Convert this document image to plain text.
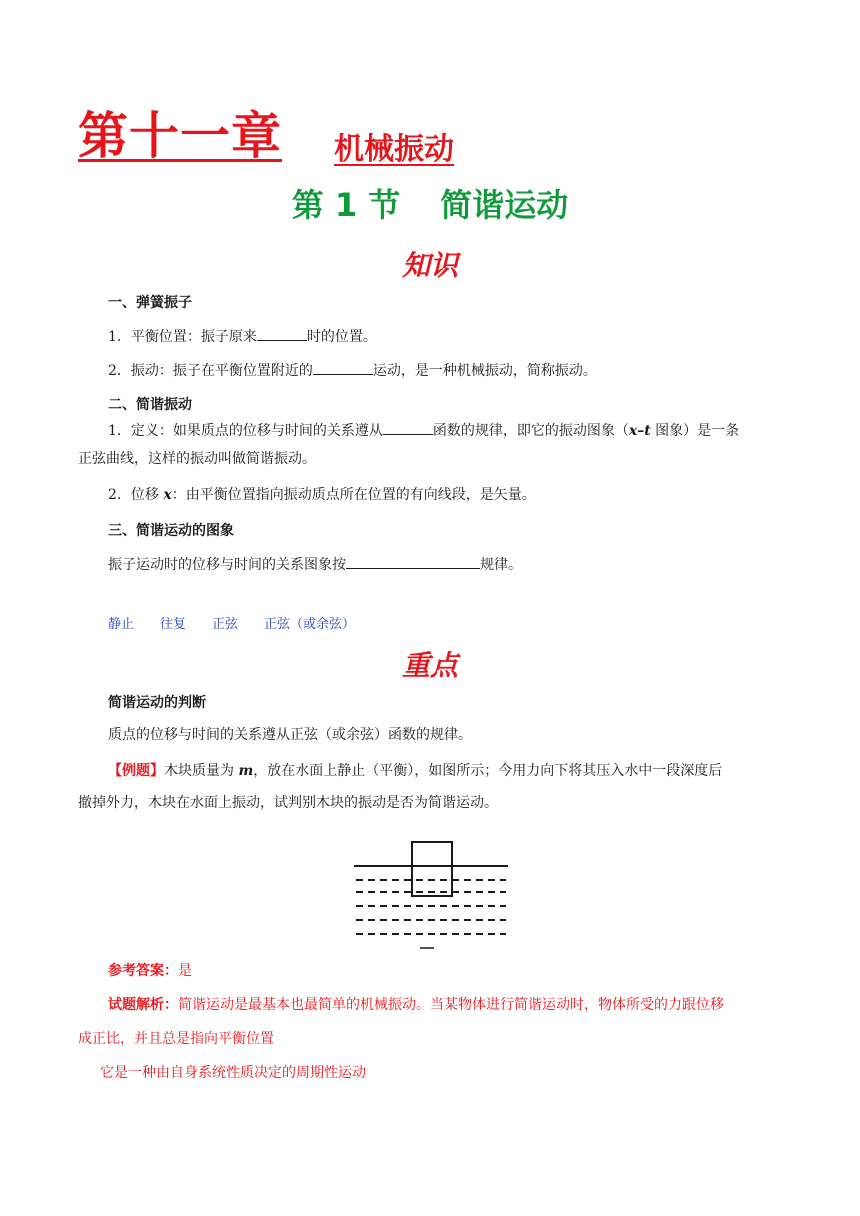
第十一章 机械振动
第 1 节 简谐运动
知识
一、弹簧振子
1．平衡位置：振子原来	时的位置。
2．振动：振子在平衡位置附近的	运动，是一种机械振动，简称振动。
二、简谐振动
1．定义：如果质点的位移与时间的关系遵从	函数的规律，即它的振动图象（x–t 图象）是一条
正弦曲线，这样的振动叫做简谐振动。
2．位移 x：由平衡位置指向振动质点所在位置的有向线段，是矢量。
三、简谐运动的图象
振子运动时的位移与时间的关系图象按	规律。
静止 往复 正弦 正弦（或余弦）
重点
简谐运动的判断
质点的位移与时间的关系遵从正弦（或余弦）函数的规律。
【例题】木块质量为 m，放在水面上静止（平衡），如图所示；今用力向下将其压入水中一段深度后
撤掉外力，木块在水面上振动，试判别木块的振动是否为简谐运动。
参考答案：是
试题解析：简谐运动是最基本也最简单的机械振动。当某物体进行简谐运动时，物体所受的力跟位移
成正比，并且总是指向平衡位置
它是一种由自身系统性质决定的周期性运动
